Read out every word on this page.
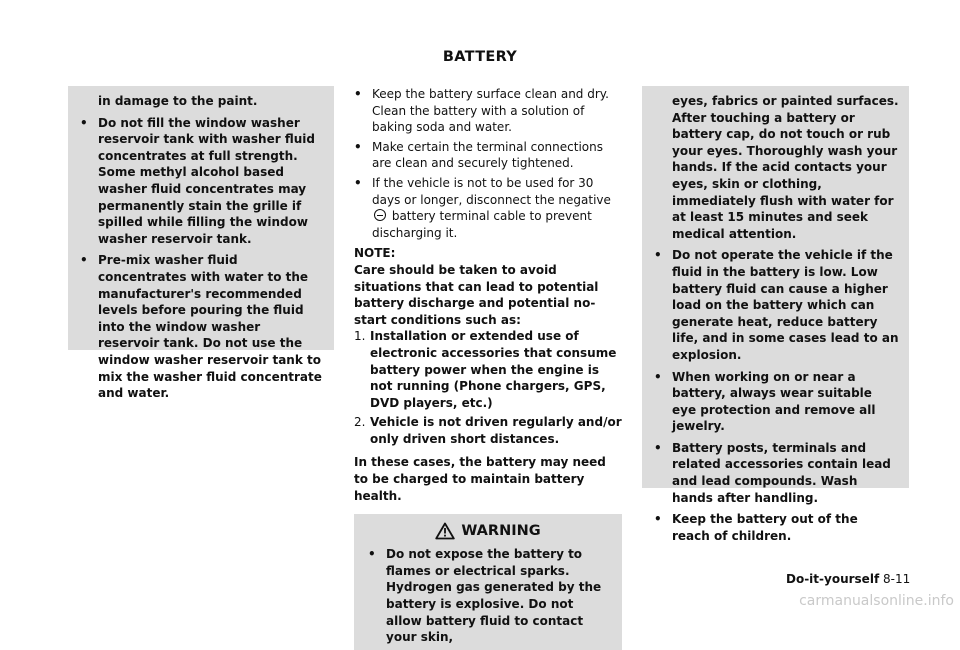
BATTERY
in damage to the paint.
• Do not fill the window washer reservoir tank with washer fluid concentrates at full strength. Some methyl alcohol based washer fluid concentrates may permanently stain the grille if spilled while filling the window washer reservoir tank.
• Pre-mix washer fluid concentrates with water to the manufacturer's recommended levels before pouring the fluid into the window washer reservoir tank. Do not use the window washer reservoir tank to mix the washer fluid concentrate and water.
• Keep the battery surface clean and dry. Clean the battery with a solution of baking soda and water.
• Make certain the terminal connections are clean and securely tightened.
• If the vehicle is not to be used for 30 days or longer, disconnect the negative  battery terminal cable to prevent discharging it.
NOTE:
Care should be taken to avoid situations that can lead to potential battery discharge and potential no-start conditions such as:
1. Installation or extended use of electronic accessories that consume battery power when the engine is not running (Phone chargers, GPS, DVD players, etc.)
2. Vehicle is not driven regularly and/or only driven short distances.
In these cases, the battery may need to be charged to maintain battery health.
WARNING
• Do not expose the battery to flames or electrical sparks. Hydrogen gas generated by the battery is explosive. Do not allow battery fluid to contact your skin,
eyes, fabrics or painted surfaces. After touching a battery or battery cap, do not touch or rub your eyes. Thoroughly wash your hands. If the acid contacts your eyes, skin or clothing, immediately flush with water for at least 15 minutes and seek medical attention.
• Do not operate the vehicle if the fluid in the battery is low. Low battery fluid can cause a higher load on the battery which can generate heat, reduce battery life, and in some cases lead to an explosion.
• When working on or near a battery, always wear suitable eye protection and remove all jewelry.
• Battery posts, terminals and related accessories contain lead and lead compounds. Wash hands after handling.
• Keep the battery out of the reach of children.
Do-it-yourself 8-11
carmanualsonline.info
